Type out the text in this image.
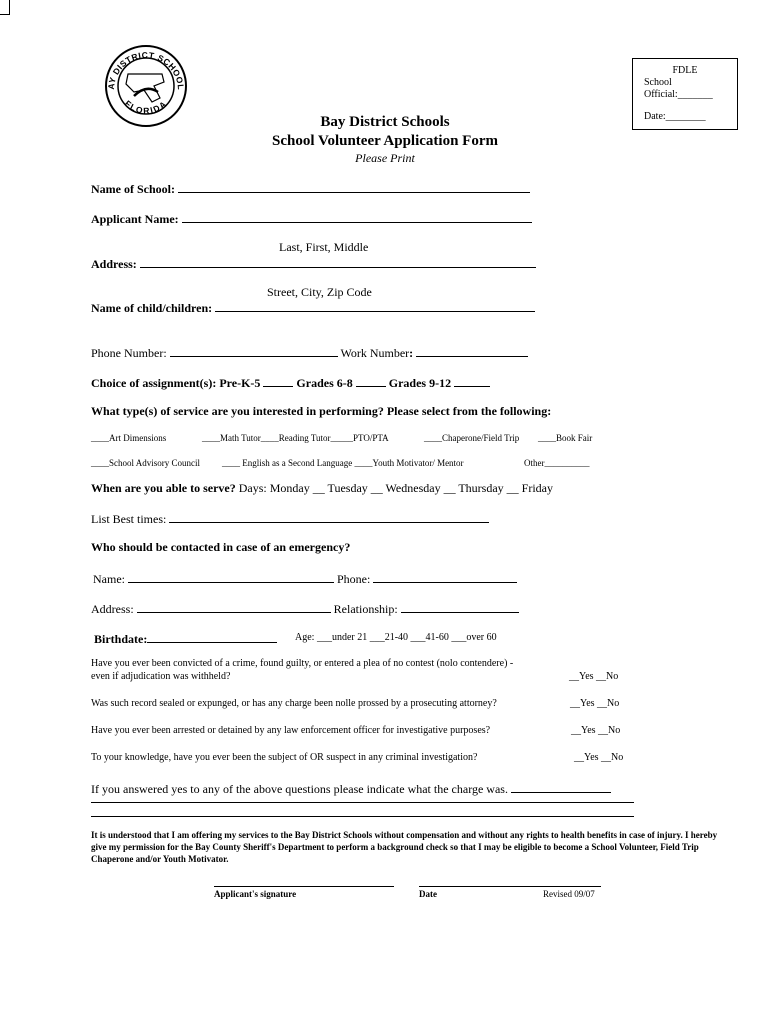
AY DISTRICT SCHOOL
FLORIDA
FDLE
School
Official:_______
Date:________
Bay District Schools
School Volunteer Application Form
Please Print
Name of School:
Applicant Name:
Last, First, Middle
Address:
Street, City, Zip Code
Name of child/children:
Phone Number:	Work Number:
Choice of assignment(s): Pre-K-5	Grades 6-8	Grades 9-12
What type(s) of service are you interested in performing? Please select from the following:
____Art Dimensions	____Math Tutor____Reading Tutor_____PTO/PTA	____Chaperone/Field Trip ____Book Fair
____School Advisory Council ____ English as a Second Language ____Youth Motivator/ Mentor	Other__________
When are you able to serve? Days: Monday __ Tuesday __ Wednesday __ Thursday __ Friday
List Best times:
Who should be contacted in case of an emergency?
Name:	Phone:
Address:	Relationship:
Birthdate:	Age: ___under 21 ___21-40 ___41-60 ___over 60
Have you ever been convicted of a crime, found guilty, or entered a plea of no contest (nolo contendere) -
even if adjudication was withheld?	__Yes __No
Was such record sealed or expunged, or has any charge been nolle prossed by a prosecuting attorney?	__Yes __No
Have you ever been arrested or detained by any law enforcement officer for investigative purposes?	__Yes __No
To your knowledge, have you ever been the subject of OR suspect in any criminal investigation?	__Yes __No
If you answered yes to any of the above questions please indicate what the charge was.
It is understood that I am offering my services to the Bay District Schools without compensation and without any rights to health benefits in case of injury. I hereby give my permission for the Bay County Sheriff's Department to perform a background check so that I may be eligible to become a School Volunteer, Field Trip Chaperone and/or Youth Motivator.
Applicant's signature	Date	Revised 09/07
